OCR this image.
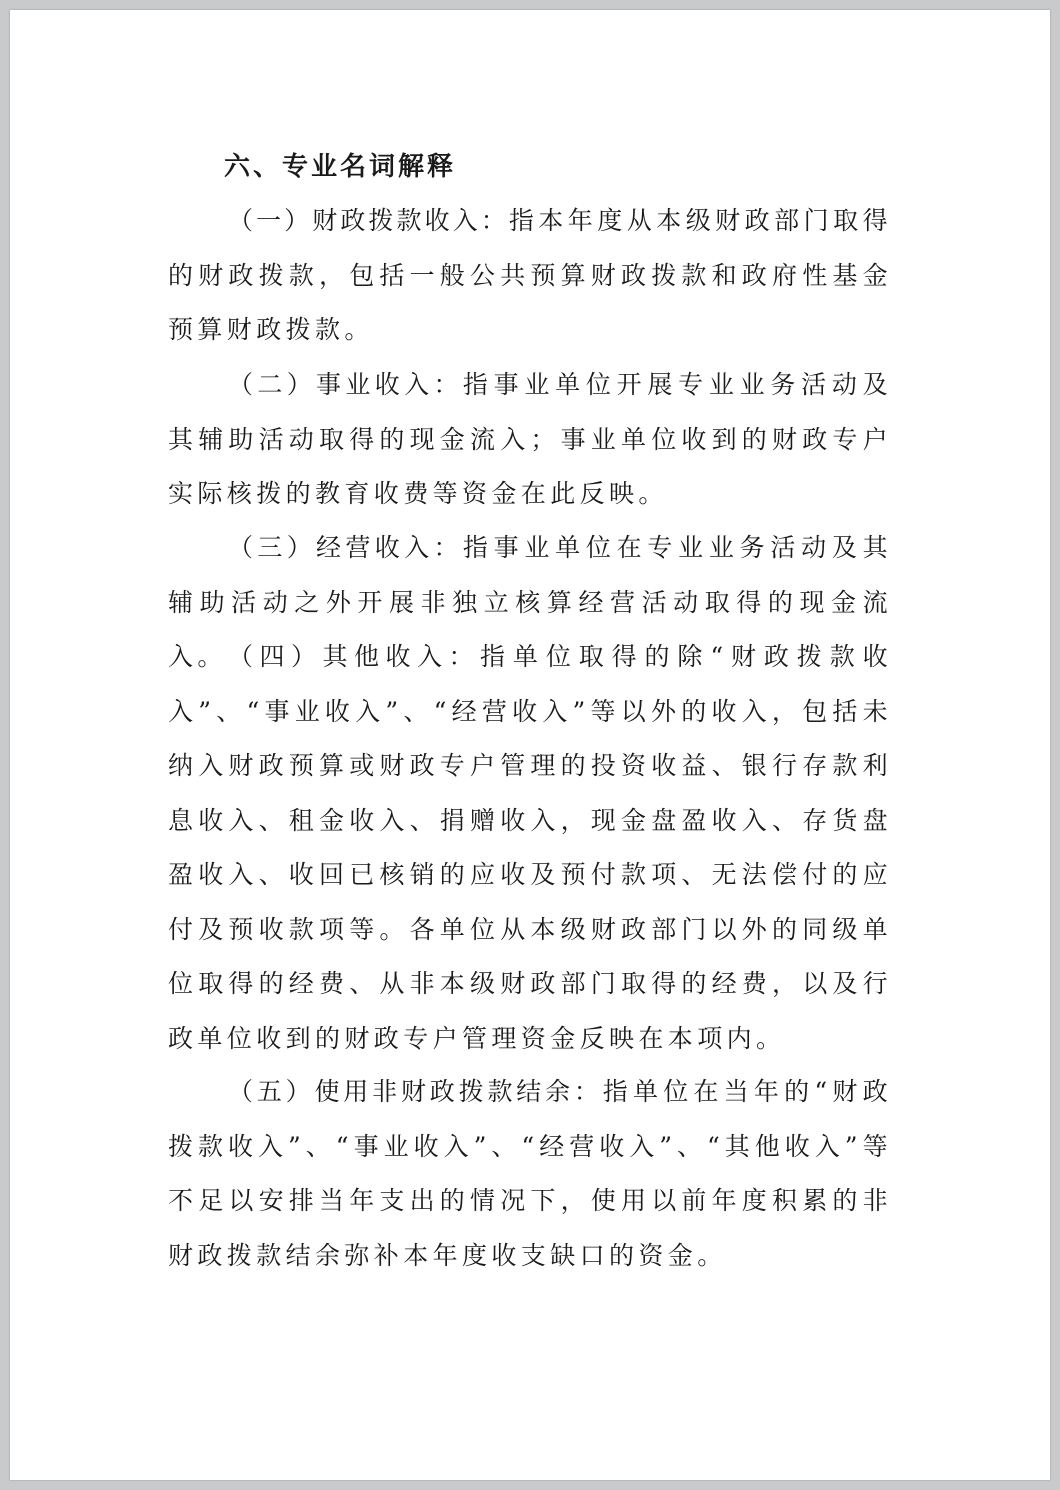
六、专业名词解释

（一）财政拨款收入：指本年度从本级财政部门取得的财政拨款，包括一般公共预算财政拨款和政府性基金预算财政拨款。

（二）事业收入：指事业单位开展专业业务活动及其辅助活动取得的现金流入；事业单位收到的财政专户实际核拨的教育收费等资金在此反映。

（三）经营收入：指事业单位在专业业务活动及其辅助活动之外开展非独立核算经营活动取得的现金流入。 （四）其他收入：指单位取得的除“财政拨款收入”、“事业收入”、“经营收入”等以外的收入，包括未纳入财政预算或财政专户管理的投资收益、银行存款利息收入、租金收入、捐赠收入，现金盘盈收入、存货盘盈收入、收回已核销的应收及预付款项、无法偿付的应付及预收款项等。各单位从本级财政部门以外的同级单位取得的经费、从非本级财政部门取得的经费，以及行政单位收到的财政专户管理资金反映在本项内。

（五）使用非财政拨款结余：指单位在当年的“财政拨款收入”、“事业收入”、“经营收入”、“其他收入”等不足以安排当年支出的情况下，使用以前年度积累的非财政拨款结余弥补本年度收支缺口的资金。
